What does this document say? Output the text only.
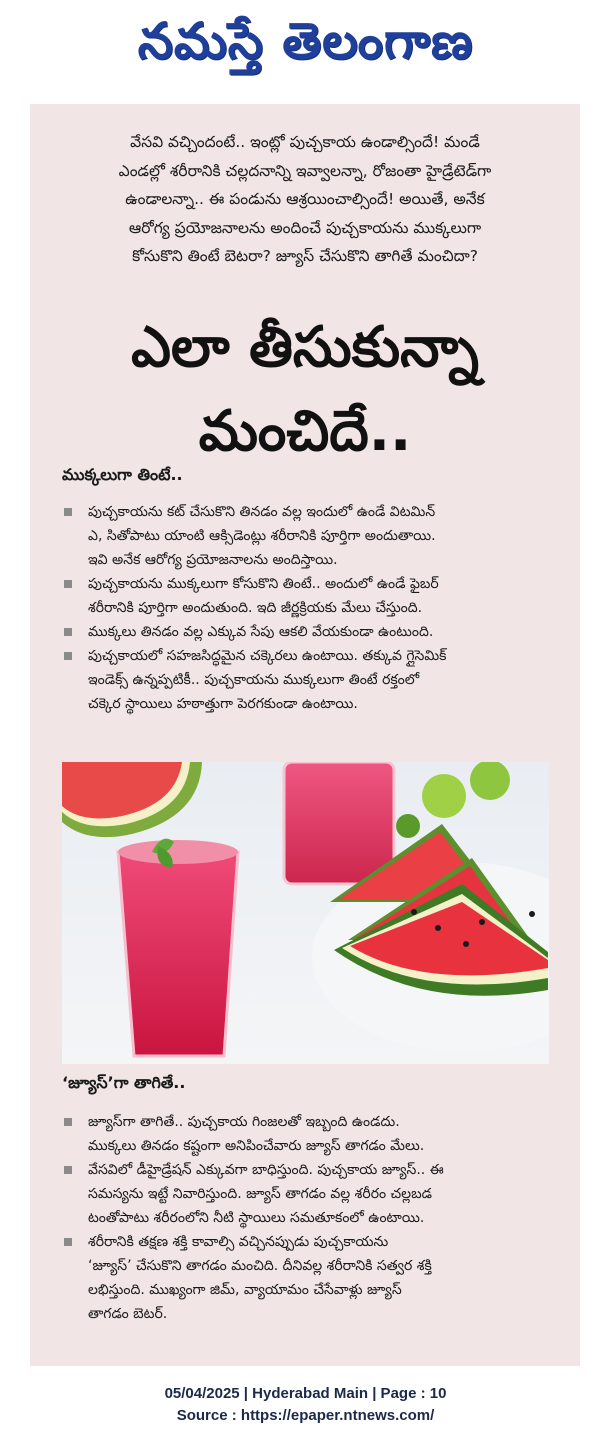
నమస్తే తెలంగాణ
వేసవి వచ్చిందంటే.. ఇంట్లో పుచ్చకాయ ఉండాల్సిందే! మండే
ఎండల్లో శరీరానికి చల్లదనాన్ని ఇవ్వాలన్నా, రోజంతా హైడ్రేటెడ్‌గా
ఉండాలన్నా.. ఈ పండును ఆశ్రయించాల్సిందే! అయితే, అనేక
ఆరోగ్య ప్రయోజనాలను అందించే పుచ్చకాయను ముక్కలుగా
కోసుకొని తింటే బెటరా? జ్యూస్‌ చేసుకొని తాగితే మంచిదా?
ఎలా తీసుకున్నా
మంచిదే..
ముక్కలుగా తింటే..
పుచ్చకాయను కట్‌ చేసుకొని తినడం వల్ల ఇందులో ఉండే విటమిన్‌
ఎ, సితోపాటు యాంటి ఆక్సిడెంట్లు శరీరానికి పూర్తిగా అందుతాయి.
ఇవి అనేక ఆరోగ్య ప్రయోజనాలను అందిస్తాయి.
పుచ్చకాయను ముక్కలుగా కోసుకొని తింటే.. అందులో ఉండే ఫైబర్‌
శరీరానికి పూర్తిగా అందుతుంది. ఇది జీర్ణక్రియకు మేలు చేస్తుంది.
ముక్కలు తినడం వల్ల ఎక్కువ సేపు ఆకలి వేయకుండా ఉంటుంది.
పుచ్చకాయలో సహజసిద్ధమైన చక్కెరలు ఉంటాయి. తక్కువ గ్లైసెమిక్‌
ఇండెక్స్‌ ఉన్నప్పటికీ.. పుచ్చకాయను ముక్కలుగా తింటే రక్తంలో
చక్కెర స్థాయిలు హఠాత్తుగా పెరగకుండా ఉంటాయి.
‘జ్యూస్‌’గా తాగితే..
జ్యూస్‌గా తాగితే.. పుచ్చకాయ గింజలతో ఇబ్బంది ఉండదు.
ముక్కలు తినడం కష్టంగా అనిపించేవారు జ్యూస్‌ తాగడం మేలు.
వేసవిలో డీహైడ్రేషన్‌ ఎక్కువగా బాధిస్తుంది. పుచ్చకాయ జ్యూస్‌.. ఈ
సమస్యను ఇట్టే నివారిస్తుంది. జ్యూస్‌ తాగడం వల్ల శరీరం చల్లబడ
టంతోపాటు శరీరంలోని నీటి స్థాయిలు సమతూకంలో ఉంటాయి.
శరీరానికి తక్షణ శక్తి కావాల్సి వచ్చినప్పుడు పుచ్చకాయను
‘జ్యూస్‌’ చేసుకొని తాగడం మంచిది. దీనివల్ల శరీరానికి సత్వర శక్తి
లభిస్తుంది. ముఖ్యంగా జిమ్‌, వ్యాయామం చేసేవాళ్లు జ్యూస్‌
తాగడం బెటర్‌.
05/04/2025 | Hyderabad Main | Page : 10
Source : https://epaper.ntnews.com/
